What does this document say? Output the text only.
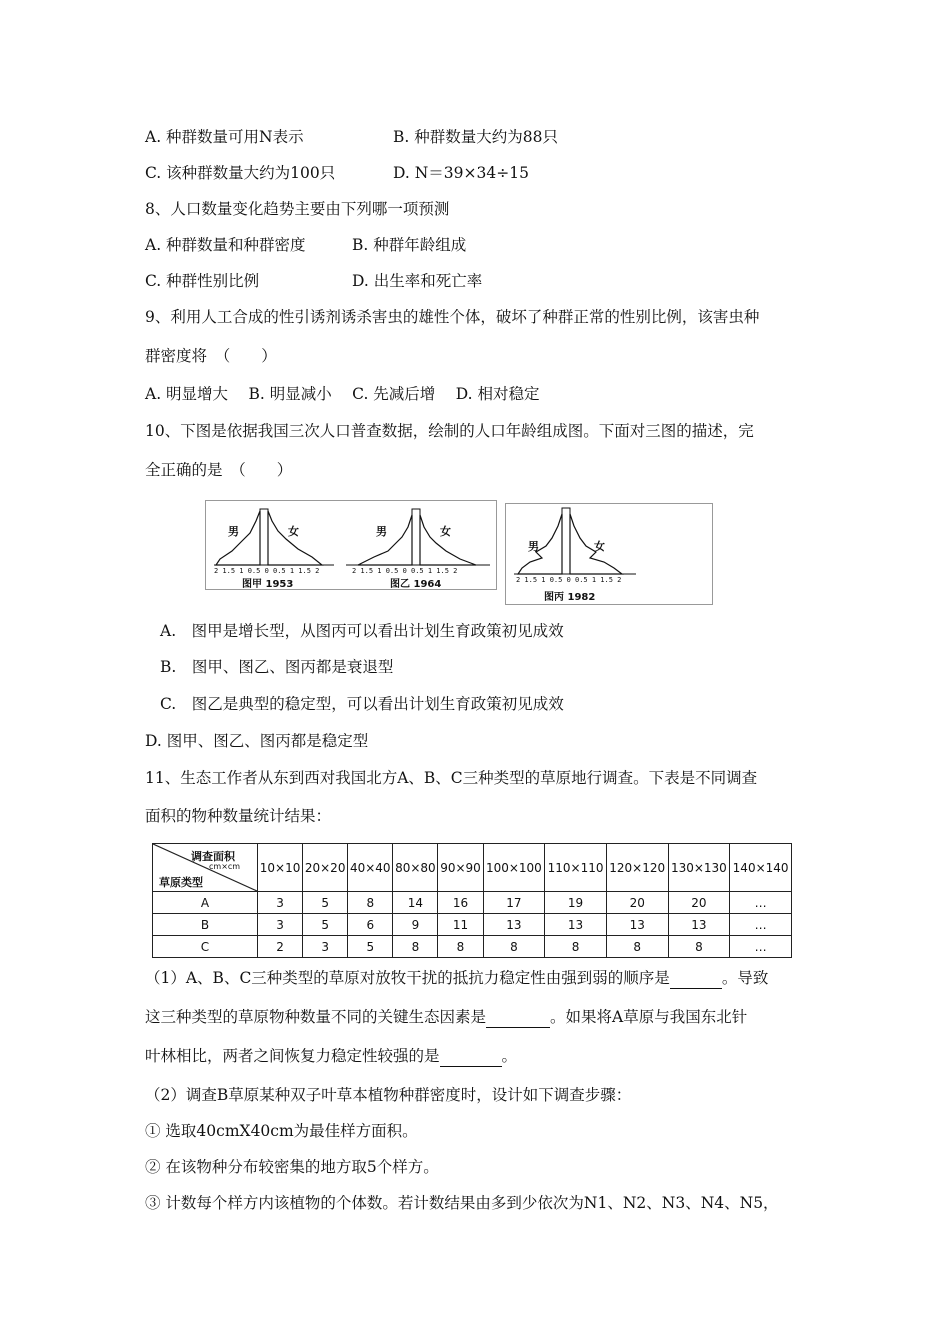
A. 种群数量可用N表示	B. 种群数量大约为88只
C. 该种群数量大约为100只	D. N＝39×34÷15
8、人口数量变化趋势主要由下列哪一项预测
A. 种群数量和种群密度	B. 种群年龄组成
C. 种群性别比例	D. 出生率和死亡率
9、利用人工合成的性引诱剂诱杀害虫的雄性个体，破坏了种群正常的性别比例，该害虫种
群密度将　（　　）
A. 明显增大　 B. 明显减小　 C. 先减后增　 D. 相对稳定
10、下图是依据我国三次人口普查数据，绘制的人口年龄组成图。下面对三图的描述，完
全正确的是　（　　）
男	女	男	女
2 1.5 1 0.5 0 0.5 1 1.5 2	2 1.5 1 0.5 0 0.5 1 1.5 2
图甲 1953	图乙 1964
男	女
2 1.5 1 0.5 0 0.5 1 1.5 2
图丙 1982
A.　图甲是增长型，从图丙可以看出计划生育政策初见成效
B.　图甲、图乙、图丙都是衰退型
C.　图乙是典型的稳定型，可以看出计划生育政策初见成效
D. 图甲、图乙、图丙都是稳定型
11、生态工作者从东到西对我国北方A、B、C三种类型的草原地行调查。下表是不同调查
面积的物种数量统计结果：
调查面积
cm×cm
草原类型	10×10	20×20	40×40	80×80	90×90	100×100	110×110	120×120	130×130	140×140
A	3	5	8	14	16	17	19	20	20	…
B	3	5	6	9	11	13	13	13	13	…
C	2	3	5	8	8	8	8	8	8	…
（1）A、B、C三种类型的草原对放牧干扰的抵抗力稳定性由强到弱的顺序是	。导致
这三种类型的草原物种数量不同的关键生态因素是	。如果将A草原与我国东北针
叶林相比，两者之间恢复力稳定性较强的是	。
（2）调查B草原某种双子叶草本植物种群密度时，设计如下调查步骤：
① 选取40cmX40cm为最佳样方面积。
② 在该物种分布较密集的地方取5个样方。
③ 计数每个样方内该植物的个体数。若计数结果由多到少依次为N1、N2、N3、N4、N5，
